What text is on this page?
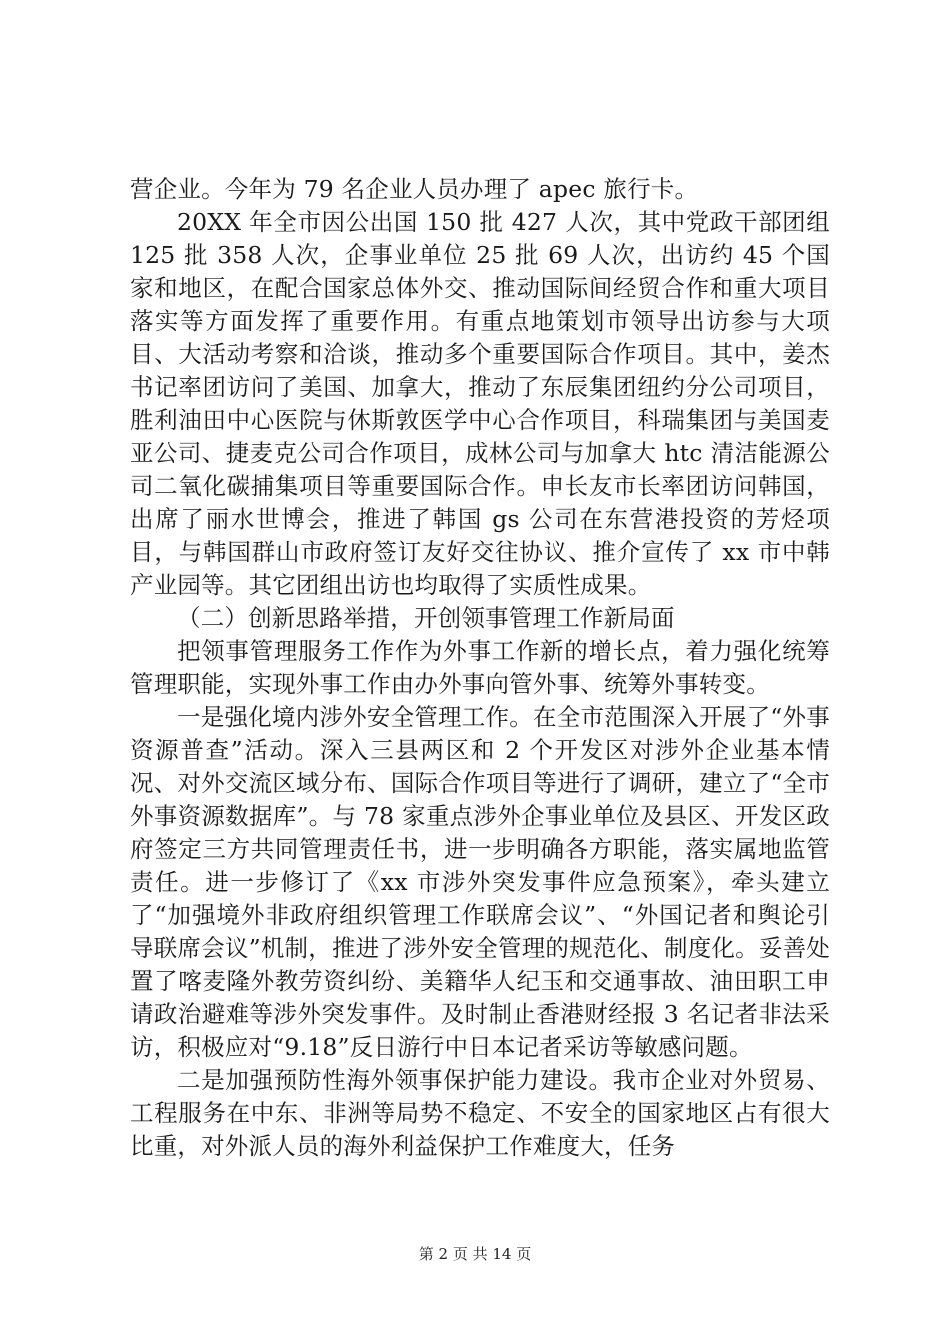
营企业。今年为 79 名企业人员办理了 apec 旅行卡。

20XX 年全市因公出国 150 批 427 人次，其中党政干部团组 125 批 358 人次，企事业单位 25 批 69 人次，出访约 45 个国家和地区，在配合国家总体外交、推动国际间经贸合作和重大项目落实等方面发挥了重要作用。有重点地策划市领导出访参与大项目、大活动考察和洽谈，推动多个重要国际合作项目。其中，姜杰书记率团访问了美国、加拿大，推动了东辰集团纽约分公司项目，胜利油田中心医院与休斯敦医学中心合作项目，科瑞集团与美国麦亚公司、捷麦克公司合作项目，成林公司与加拿大 htc 清洁能源公司二氧化碳捕集项目等重要国际合作。申长友市长率团访问韩国，出席了丽水世博会，推进了韩国 gs 公司在东营港投资的芳烃项目，与韩国群山市政府签订友好交往协议、推介宣传了 xx 市中韩产业园等。其它团组出访也均取得了实质性成果。

（二）创新思路举措，开创领事管理工作新局面

把领事管理服务工作作为外事工作新的增长点，着力强化统筹管理职能，实现外事工作由办外事向管外事、统筹外事转变。

一是强化境内涉外安全管理工作。在全市范围深入开展了“外事资源普查”活动。深入三县两区和 2 个开发区对涉外企业基本情况、对外交流区域分布、国际合作项目等进行了调研，建立了“全市外事资源数据库”。与 78 家重点涉外企事业单位及县区、开发区政府签定三方共同管理责任书，进一步明确各方职能，落实属地监管责任。进一步修订了《xx 市涉外突发事件应急预案》，牵头建立了“加强境外非政府组织管理工作联席会议”、“外国记者和舆论引导联席会议”机制，推进了涉外安全管理的规范化、制度化。妥善处置了喀麦隆外教劳资纠纷、美籍华人纪玉和交通事故、油田职工申请政治避难等涉外突发事件。及时制止香港财经报 3 名记者非法采访，积极应对“9.18”反日游行中日本记者采访等敏感问题。

二是加强预防性海外领事保护能力建设。我市企业对外贸易、工程服务在中东、非洲等局势不稳定、不安全的国家地区占有很大比重，对外派人员的海外利益保护工作难度大，任务

第 2 页 共 14 页
